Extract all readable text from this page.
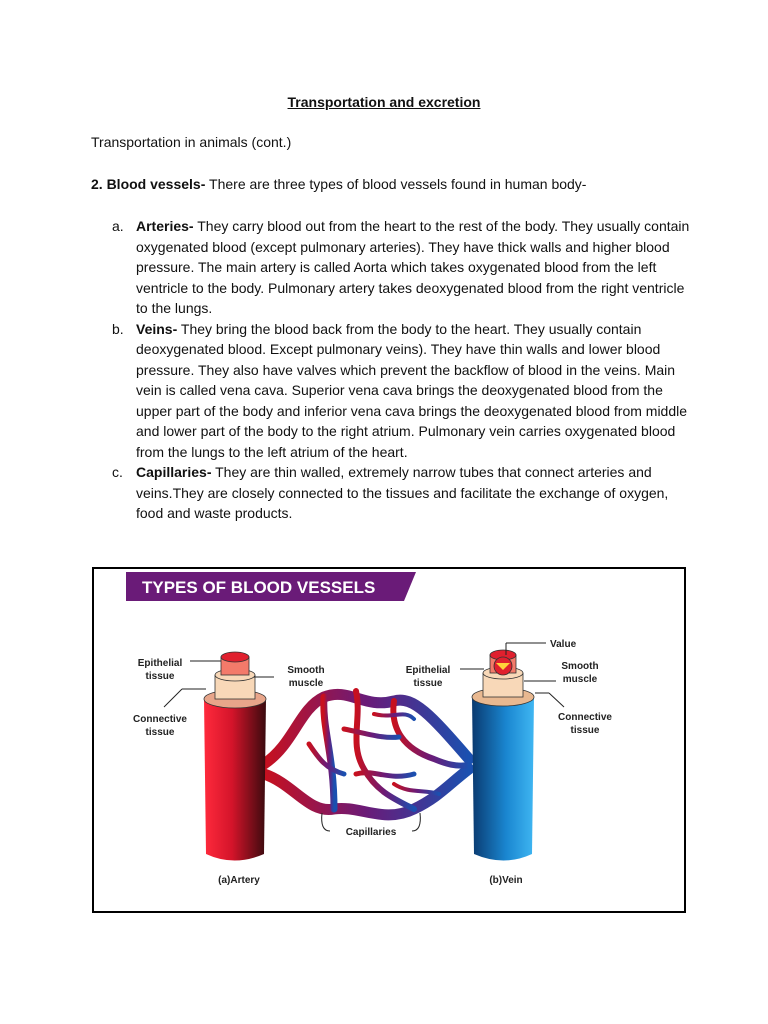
Transportation and excretion
Transportation in animals (cont.)
2. Blood vessels- There are three types of blood vessels found in human body-
a. Arteries- They carry blood out from the heart to the rest of the body. They usually contain oxygenated blood (except pulmonary arteries). They have thick walls and higher blood pressure. The main artery is called Aorta which takes oxygenated blood from the left ventricle to the body. Pulmonary artery takes deoxygenated blood from the right ventricle to the lungs.
b. Veins- They bring the blood back from the body to the heart. They usually contain deoxygenated blood. Except pulmonary veins). They have thin walls and lower blood pressure. They also have valves which prevent the backflow of blood in the veins. Main vein is called vena cava. Superior vena cava brings the deoxygenated blood from the upper part of the body and inferior vena cava brings the deoxygenated blood from middle and lower part of the body to the right atrium. Pulmonary vein carries oxygenated blood from the lungs to the left atrium of the heart.
c. Capillaries- They are thin walled, extremely narrow tubes that connect arteries and veins.They are closely connected to the tissues and facilitate the exchange of oxygen, food and waste products.
TYPES OF BLOOD VESSELS
Epithelial
tissue
Connective
tissue
Smooth
muscle
Epithelial
tissue
Value
Smooth
muscle
Connective
tissue
Capillaries
(a)Artery	(b)Vein
